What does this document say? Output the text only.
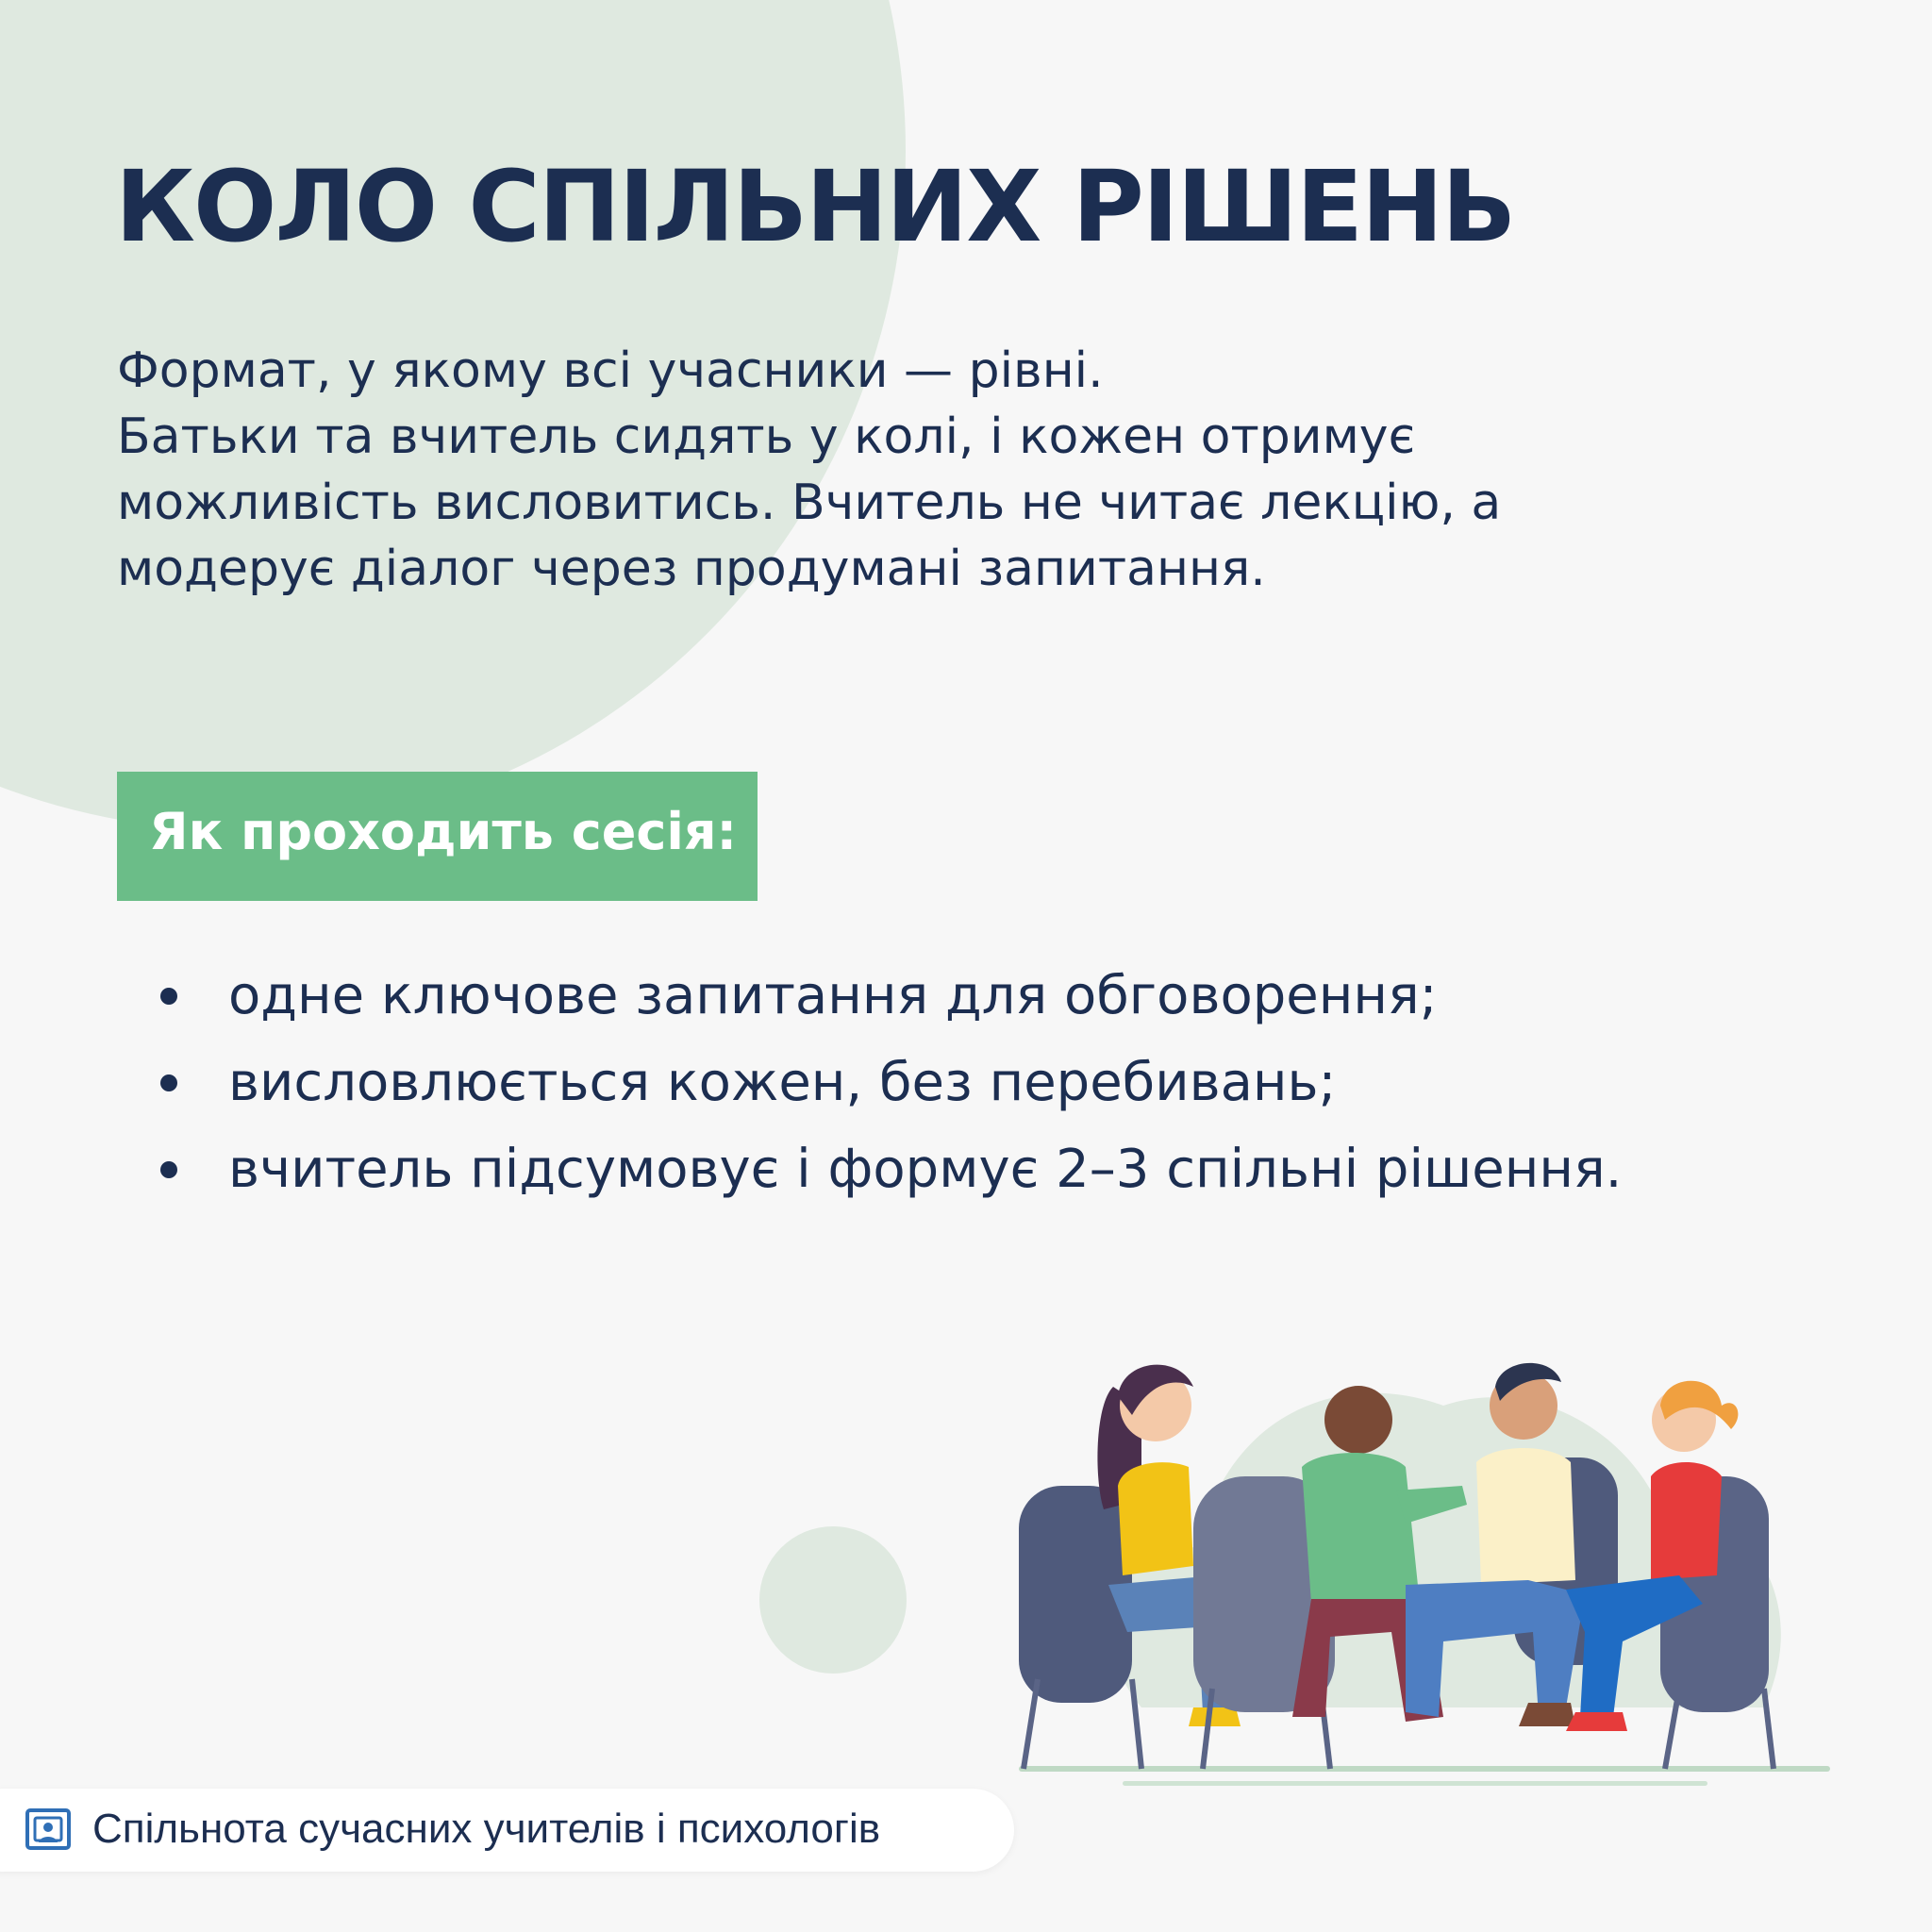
КОЛО СПІЛЬНИХ РІШЕНЬ

Формат, у якому всі учасники — рівні.
Батьки та вчитель сидять у колі, і кожен отримує
можливість висловитись. Вчитель не читає лекцію, а
модерує діалог через продумані запитання.

Як проходить сесія:
одне ключове запитання для обговорення;
висловлюється кожен, без перебивань;
вчитель підсумовує і формує 2–3 спільні рішення.
Спільнота сучасних учителів і психологів
